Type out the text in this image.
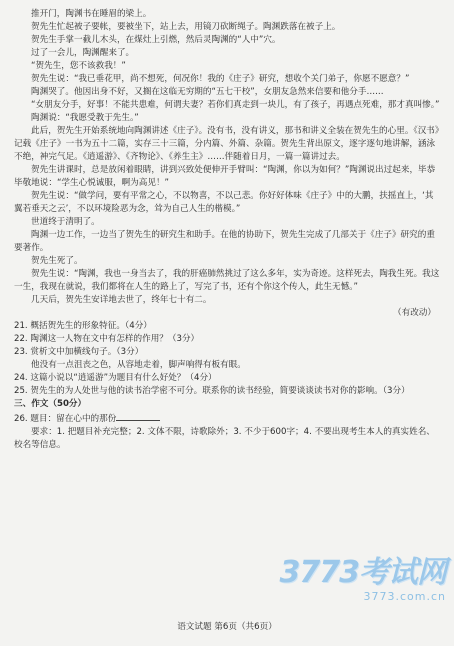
推开门，陶渊书在睡眉的梁上。

贺先生忙起被子要帐，要被坐下，站上去，用镜刀砍断绳子。陶渊跌落在被子上。

贺先生手掌一截儿木头，在煤灶上引燃，然后灵陶渊的“人中”穴。

过了一会儿，陶渊醒来了。

“贺先生，您不该救我！”

贺先生说：“我已垂花甲，尚不想死，何况你！我的《庄子》研究，想收个关门弟子，你愿不愿意？”

陶渊哭了。他因出身不好，又搁在这临无穷期的“五七干校”，女朋友急然来信要和他分手……

“女朋友分手，好事！不能共患难，何谓夫妻？若你们真走到一块儿，有了孩子，再遇点死难，那才真叫惨。”

陶渊说：“我愿受教于先生。”

此后，贺先生开始系统地向陶渊讲述《庄子》。没有书，没有讲义，那书和讲义全装在贺先生的心里。《汉书》记载《庄子》一书为五十二篇，实存三十三篇，分内篇、外篇、杂篇。贺先生背出原文，逐字逐句地讲解，涵泳不绝，神完气足。《逍遥游》、《齐物论》、《养生主》……伴随着日月，一篇一篇讲过去。

贺先生讲课时，总是放闲着眼睛，讲到兴致处便伸开手臂叫：“陶渊，你以为如何？”陶渊说出过起来，毕恭毕敬地说：“学生心悦诚服，啊为高见！”

贺先生说：“做学问，要有平常之心，不以物喜，不以己悲。你好好体味《庄子》中的大鹏，扶摇直上，‘其翼若垂天之云’，不以环境险恶为念，耸为自己人生的楷模。”

世道终于清明了。

陶渊一边工作，一边当了贺先生的研究生和助手。在他的协助下，贺先生完成了几部关于《庄子》研究的重要著作。

贺先生死了。

贺先生说：“陶渊，我也一身当去了，我的肝癌肺然挑过了这么多年，实为奇迹。这样死去，陶我生死。我这一生，我现在就说，我们都将在人生的路上了，写完了书，还有个你这个传人，此生无憾。”

几天后，贺先生安详地去世了，终年七十有二。

（有改动）

21. 概括贺先生的形象特征。（4分）

22. 陶渊这一人物在文中有怎样的作用？（3分）

23. 赏析文中加横线句子。（3分）

他没有一点沮丧之色，从容地走着，脚声响得有板有眼。

24. 这篇小说以“逍遥游”为题目有什么好处？（4分）

25. 贺先生的为人处世与他的读书治学密不可分。联系你的读书经验，简要谈谈读书对你的影响。（3分）

三、作文（50分）

26. 题目：留在心中的那份

要求：1. 把题目补充完整；2. 文体不限，诗歌除外；3. 不少于600字；4. 不要出现考生本人的真实姓名、校名等信息。

3773考试网
3773.com.cn
语文试题 第6页（共6页）
